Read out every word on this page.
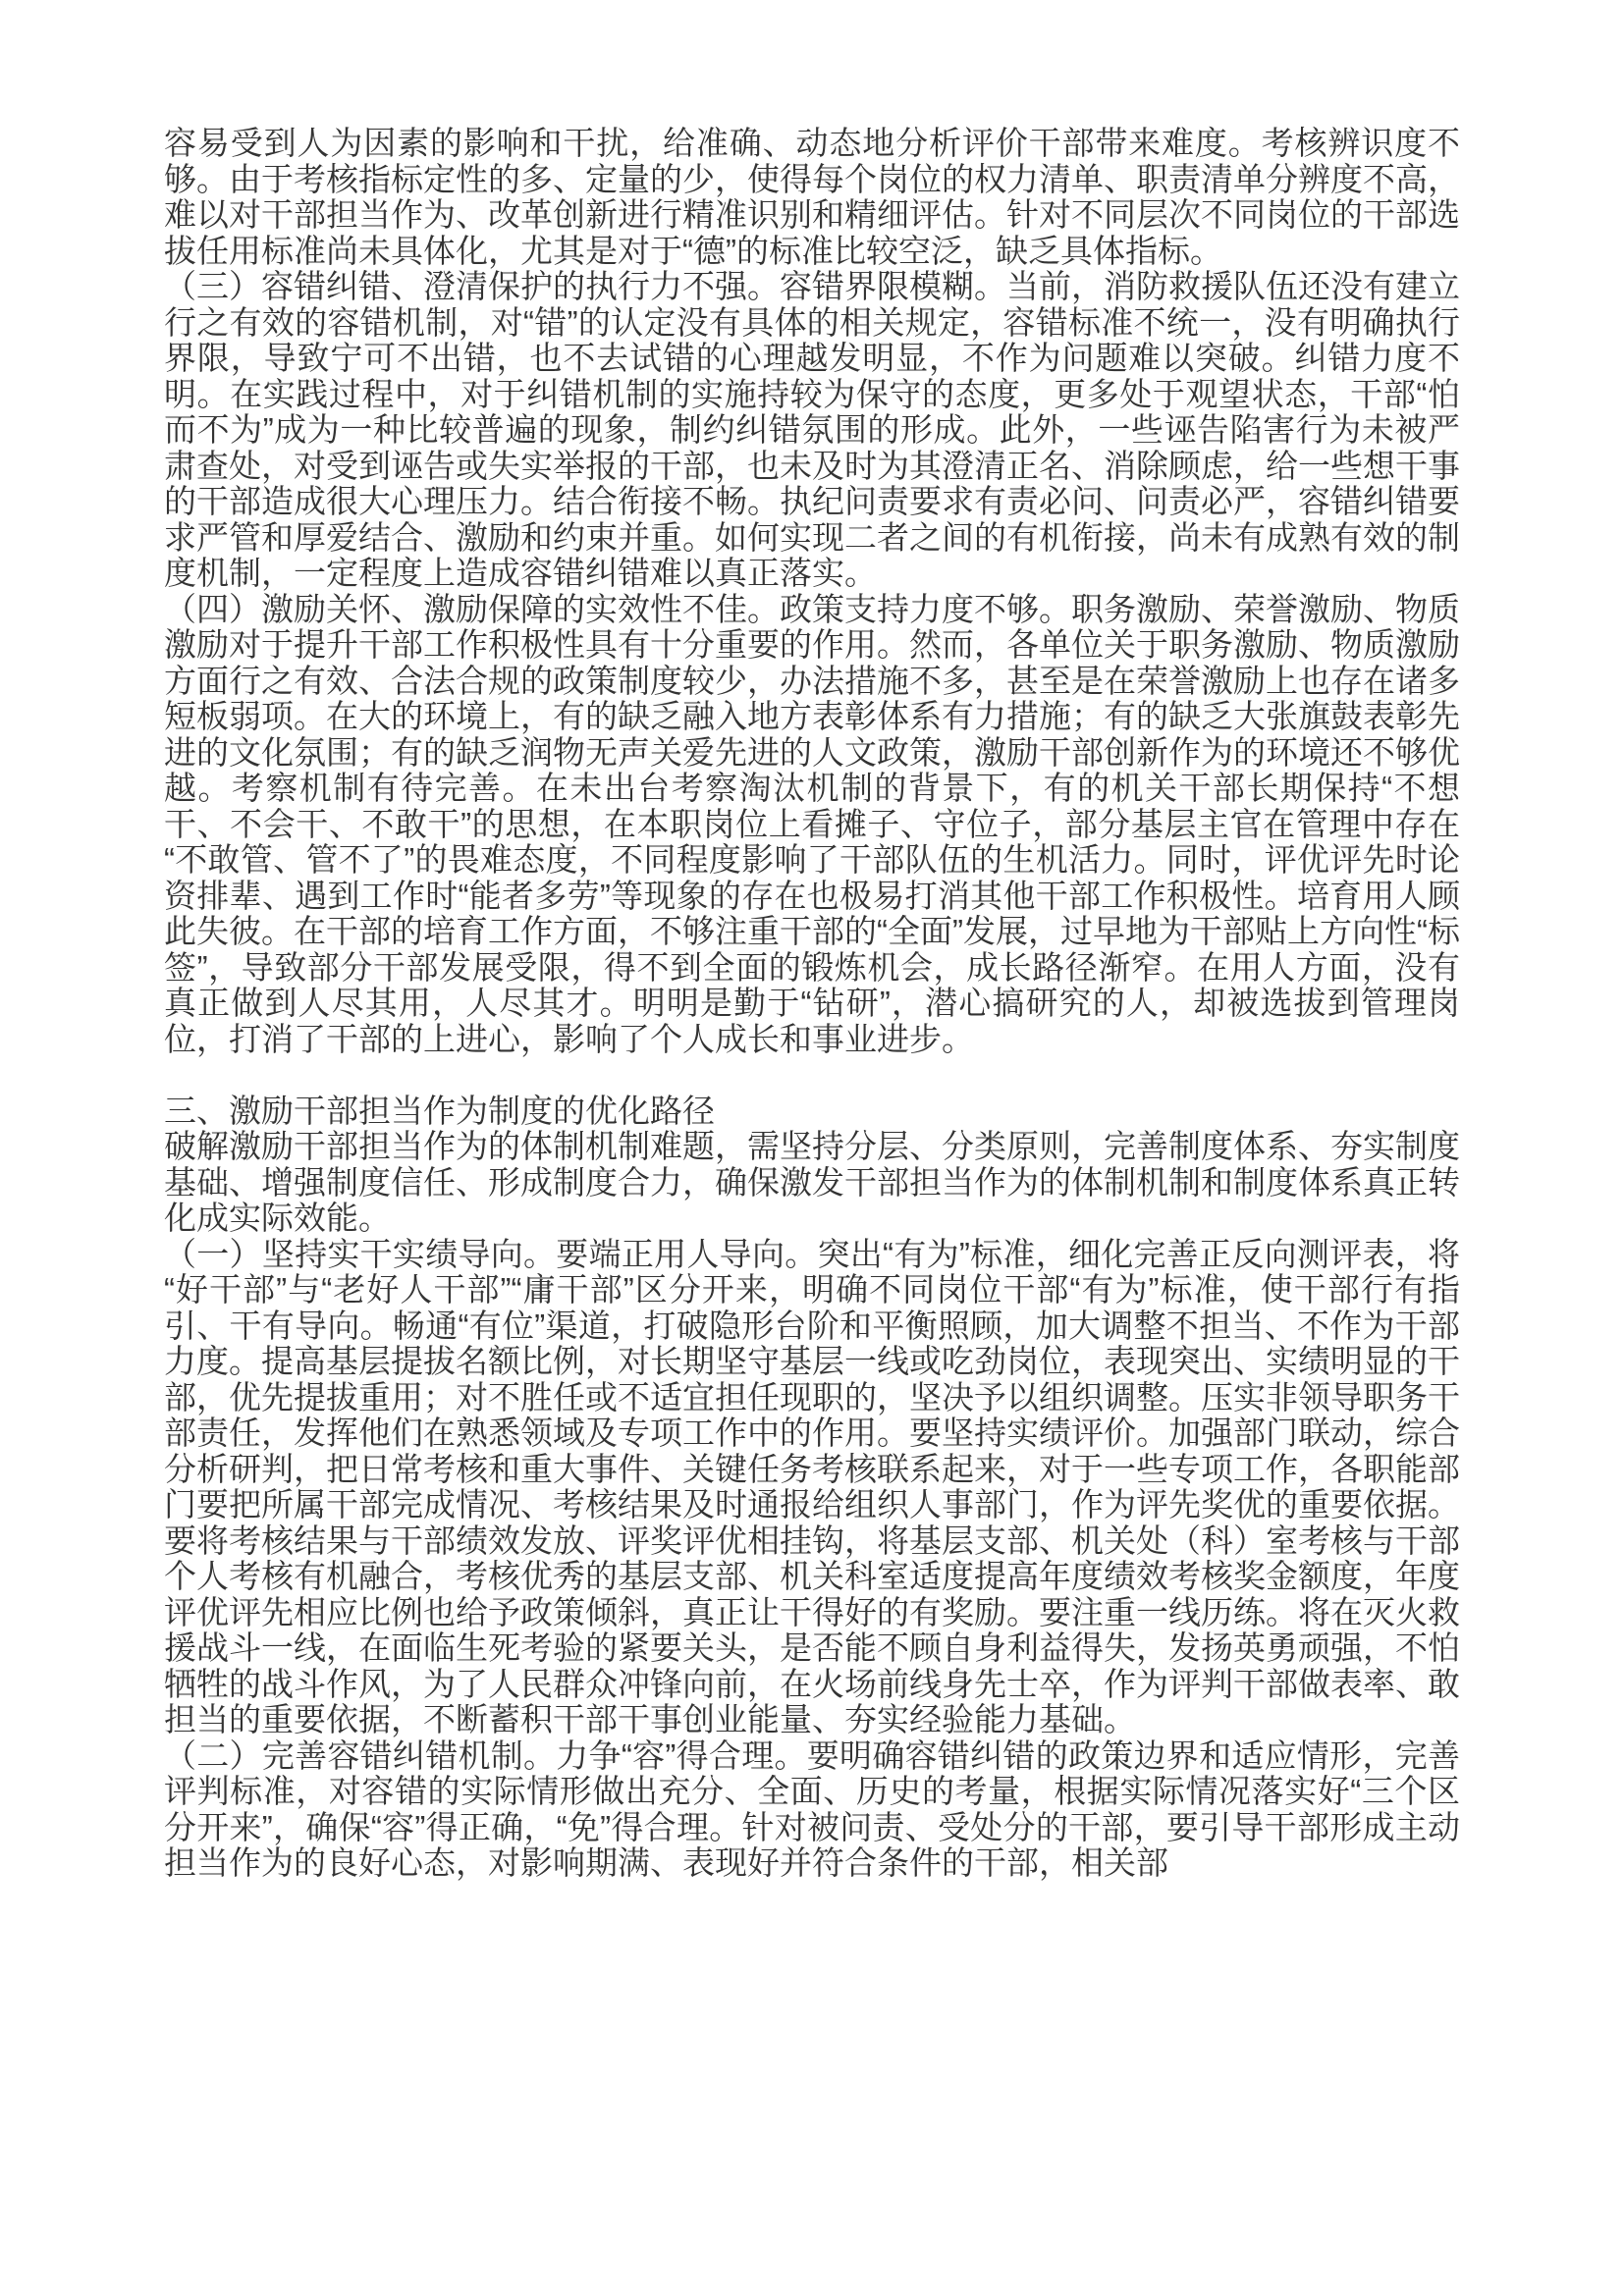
容易受到人为因素的影响和干扰，给准确、动态地分析评价干部带来难度。考核辨识度不够。由于考核指标定性的多、定量的少，使得每个岗位的权力清单、职责清单分辨度不高，难以对干部担当作为、改革创新进行精准识别和精细评估。针对不同层次不同岗位的干部选拔任用标准尚未具体化，尤其是对于“德”的标准比较空泛，缺乏具体指标。

（三）容错纠错、澄清保护的执行力不强。容错界限模糊。当前，消防救援队伍还没有建立行之有效的容错机制，对“错”的认定没有具体的相关规定，容错标准不统一，没有明确执行界限，导致宁可不出错，也不去试错的心理越发明显，不作为问题难以突破。纠错力度不明。在实践过程中，对于纠错机制的实施持较为保守的态度，更多处于观望状态，干部“怕而不为”成为一种比较普遍的现象，制约纠错氛围的形成。此外，一些诬告陷害行为未被严肃查处，对受到诬告或失实举报的干部，也未及时为其澄清正名、消除顾虑，给一些想干事的干部造成很大心理压力。结合衔接不畅。执纪问责要求有责必问、问责必严，容错纠错要求严管和厚爱结合、激励和约束并重。如何实现二者之间的有机衔接，尚未有成熟有效的制度机制，一定程度上造成容错纠错难以真正落实。

（四）激励关怀、激励保障的实效性不佳。政策支持力度不够。职务激励、荣誉激励、物质激励对于提升干部工作积极性具有十分重要的作用。然而，各单位关于职务激励、物质激励方面行之有效、合法合规的政策制度较少，办法措施不多，甚至是在荣誉激励上也存在诸多短板弱项。在大的环境上，有的缺乏融入地方表彰体系有力措施；有的缺乏大张旗鼓表彰先进的文化氛围；有的缺乏润物无声关爱先进的人文政策，激励干部创新作为的环境还不够优越。考察机制有待完善。在未出台考察淘汰机制的背景下，有的机关干部长期保持“不想干、不会干、不敢干”的思想，在本职岗位上看摊子、守位子，部分基层主官在管理中存在“不敢管、管不了”的畏难态度，不同程度影响了干部队伍的生机活力。同时，评优评先时论资排辈、遇到工作时“能者多劳”等现象的存在也极易打消其他干部工作积极性。培育用人顾此失彼。在干部的培育工作方面，不够注重干部的“全面”发展，过早地为干部贴上方向性“标签”，导致部分干部发展受限，得不到全面的锻炼机会，成长路径渐窄。在用人方面，没有真正做到人尽其用，人尽其才。明明是勤于“钻研”，潜心搞研究的人，却被选拔到管理岗位，打消了干部的上进心，影响了个人成长和事业进步。

三、激励干部担当作为制度的优化路径

破解激励干部担当作为的体制机制难题，需坚持分层、分类原则，完善制度体系、夯实制度基础、增强制度信任、形成制度合力，确保激发干部担当作为的体制机制和制度体系真正转化成实际效能。

（一）坚持实干实绩导向。要端正用人导向。突出“有为”标准，细化完善正反向测评表，将“好干部”与“老好人干部”“庸干部”区分开来，明确不同岗位干部“有为”标准，使干部行有指引、干有导向。畅通“有位”渠道，打破隐形台阶和平衡照顾，加大调整不担当、不作为干部力度。提高基层提拔名额比例，对长期坚守基层一线或吃劲岗位，表现突出、实绩明显的干部，优先提拔重用；对不胜任或不适宜担任现职的，坚决予以组织调整。压实非领导职务干部责任，发挥他们在熟悉领域及专项工作中的作用。要坚持实绩评价。加强部门联动，综合分析研判，把日常考核和重大事件、关键任务考核联系起来，对于一些专项工作，各职能部门要把所属干部完成情况、考核结果及时通报给组织人事部门，作为评先奖优的重要依据。要将考核结果与干部绩效发放、评奖评优相挂钩，将基层支部、机关处（科）室考核与干部个人考核有机融合，考核优秀的基层支部、机关科室适度提高年度绩效考核奖金额度，年度评优评先相应比例也给予政策倾斜，真正让干得好的有奖励。要注重一线历练。将在灭火救援战斗一线，在面临生死考验的紧要关头，是否能不顾自身利益得失，发扬英勇顽强，不怕牺牲的战斗作风，为了人民群众冲锋向前，在火场前线身先士卒，作为评判干部做表率、敢担当的重要依据，不断蓄积干部干事创业能量、夯实经验能力基础。

（二）完善容错纠错机制。力争“容”得合理。要明确容错纠错的政策边界和适应情形，完善评判标准，对容错的实际情形做出充分、全面、历史的考量，根据实际情况落实好“三个区分开来”，确保“容”得正确，“免”得合理。针对被问责、受处分的干部，要引导干部形成主动担当作为的良好心态，对影响期满、表现好并符合条件的干部，相关部
